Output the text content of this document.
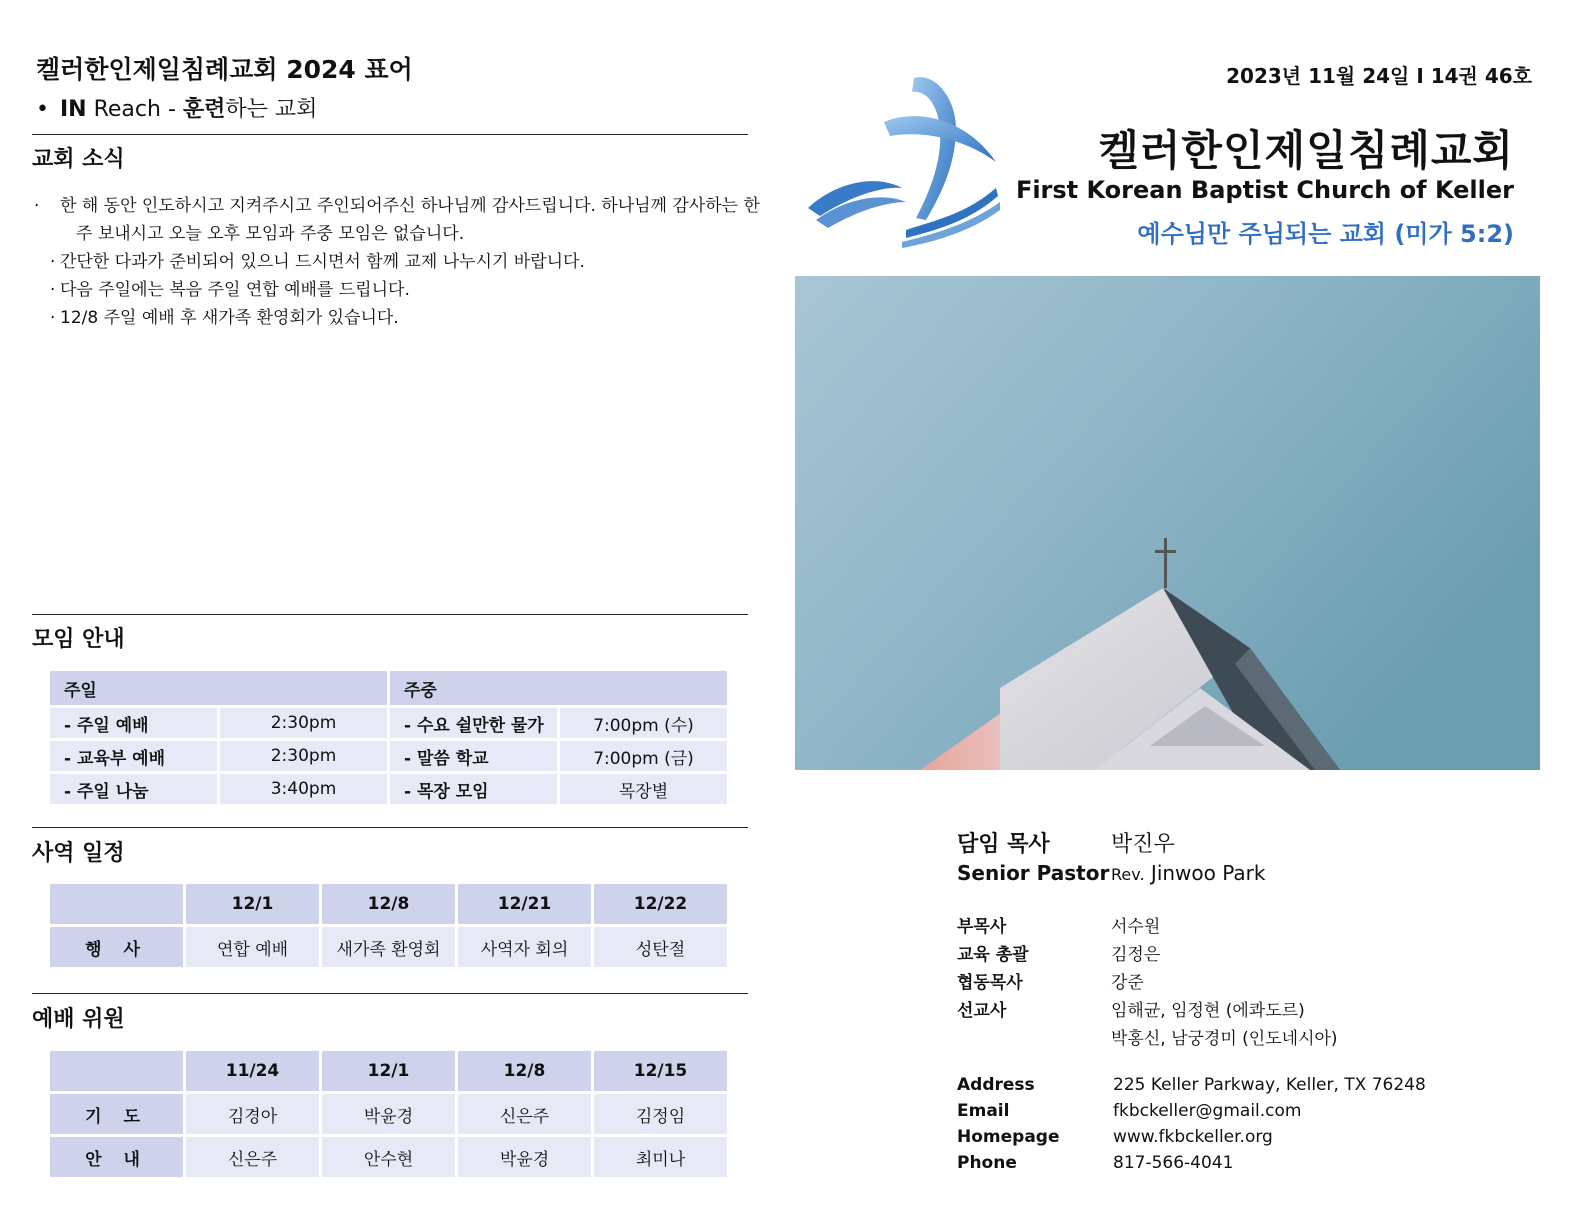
켈러한인제일침례교회 2024 표어
• IN Reach - 훈련하는 교회
교회 소식
· 한 해 동안 인도하시고 지켜주시고 주인되어주신 하나님께 감사드립니다. 하나님께 감사하는 한 주 보내시고 오늘 오후 모임과 주중 모임은 없습니다.
· 간단한 다과가 준비되어 있으니 드시면서 함께 교제 나누시기 바랍니다.
· 다음 주일에는 복음 주일 연합 예배를 드립니다.
· 12/8 주일 예배 후 새가족 환영회가 있습니다.
모임 안내
주일		주중	
- 주일 예배	2:30pm	- 수요 쉴만한 물가	7:00pm (수)
- 교육부 예배	2:30pm	- 말씀 학교	7:00pm (금)
- 주일 나눔	3:40pm	- 목장 모임	목장별
사역 일정
	12/1	12/8	12/21	12/22
행 사	연합 예배	새가족 환영회	사역자 회의	성탄절
예배 위원
	11/24	12/1	12/8	12/15
기 도	김경아	박윤경	신은주	김정임
안 내	신은주	안수현	박윤경	최미나
2023년 11월 24일 I 14권 46호
켈러한인제일침례교회
First Korean Baptist Church of Keller
예수님만 주님되는 교회 (미가 5:2)
담임 목사	박진우
Senior Pastor Rev. Jinwoo Park
부목사	서수원
교육 총괄	김정은
협동목사	강준
선교사	임해균, 임정현 (에콰도르)
박홍신, 남궁경미 (인도네시아)
Address	225 Keller Parkway, Keller, TX 76248
Email	fkbckeller@gmail.com
Homepage	www.fkbckeller.org
Phone	817-566-4041
